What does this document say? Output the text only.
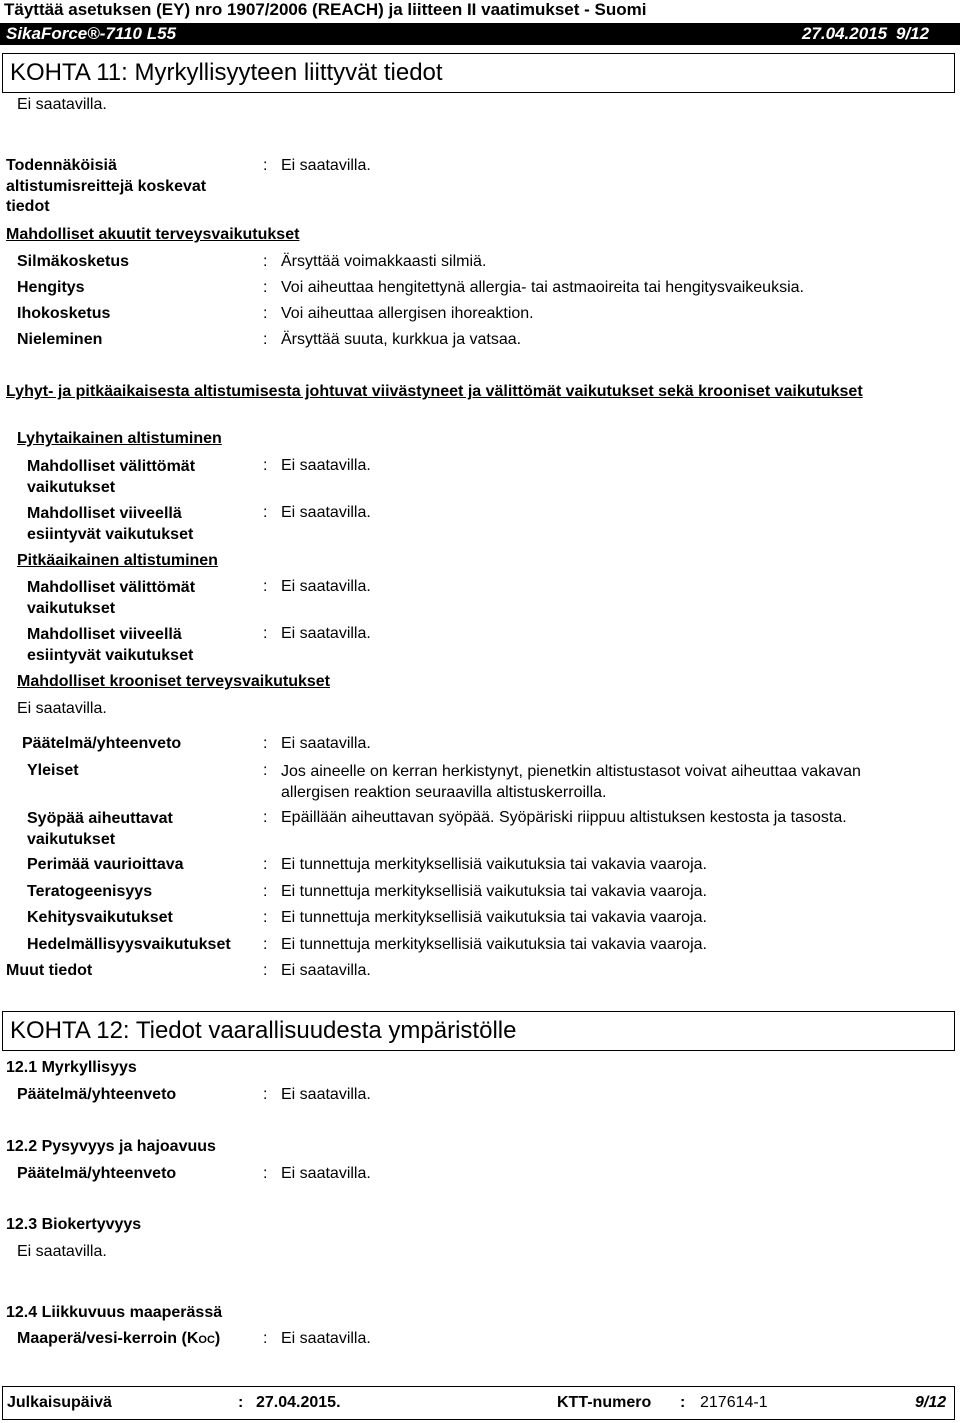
Täyttää asetuksen (EY) nro 1907/2006 (REACH) ja liitteen II vaatimukset - Suomi
SikaForce®-7110 L55	27.04.2015 9/12
KOHTA 11: Myrkyllisyyteen liittyvät tiedot
Ei saatavilla.
Todennäköisiä altistumisreittejä koskevat tiedot
: Ei saatavilla.
Mahdolliset akuutit terveysvaikutukset
Silmäkosketus	: Ärsyttää voimakkaasti silmiä.
Hengitys	: Voi aiheuttaa hengitettynä allergia- tai astmaoireita tai hengitysvaikeuksia.
Ihokosketus	: Voi aiheuttaa allergisen ihoreaktion.
Nieleminen	: Ärsyttää suuta, kurkkua ja vatsaa.
Lyhyt- ja pitkäaikaisesta altistumisesta johtuvat viivästyneet ja välittömät vaikutukset sekä krooniset vaikutukset
Lyhytaikainen altistuminen
Mahdolliset välittömät vaikutukset
: Ei saatavilla.
Mahdolliset viiveellä esiintyvät vaikutukset
: Ei saatavilla.
Pitkäaikainen altistuminen
Mahdolliset välittömät vaikutukset
: Ei saatavilla.
Mahdolliset viiveellä esiintyvät vaikutukset
: Ei saatavilla.
Mahdolliset krooniset terveysvaikutukset
Ei saatavilla.
Päätelmä/yhteenveto	: Ei saatavilla.
Yleiset	: Jos aineelle on kerran herkistynyt, pienetkin altistustasot voivat aiheuttaa vakavan allergisen reaktion seuraavilla altistuskerroilla.
Syöpää aiheuttavat vaikutukset
: Epäillään aiheuttavan syöpää. Syöpäriski riippuu altistuksen kestosta ja tasosta.
Perimää vaurioittava	: Ei tunnettuja merkityksellisiä vaikutuksia tai vakavia vaaroja.
Teratogeenisyys	: Ei tunnettuja merkityksellisiä vaikutuksia tai vakavia vaaroja.
Kehitysvaikutukset	: Ei tunnettuja merkityksellisiä vaikutuksia tai vakavia vaaroja.
Hedelmällisyysvaikutukset : Ei tunnettuja merkityksellisiä vaikutuksia tai vakavia vaaroja.
Muut tiedot	: Ei saatavilla.
KOHTA 12: Tiedot vaarallisuudesta ympäristölle
12.1 Myrkyllisyys
Päätelmä/yhteenveto	: Ei saatavilla.
12.2 Pysyvyys ja hajoavuus
Päätelmä/yhteenveto	: Ei saatavilla.
12.3 Biokertyvyys
Ei saatavilla.
12.4 Liikkuvuus maaperässä
Maaperä/vesi-kerroin (KOC)	: Ei saatavilla.
Julkaisupäivä	: 27.04.2015.	KTT-numero : 217614-1	9/12
